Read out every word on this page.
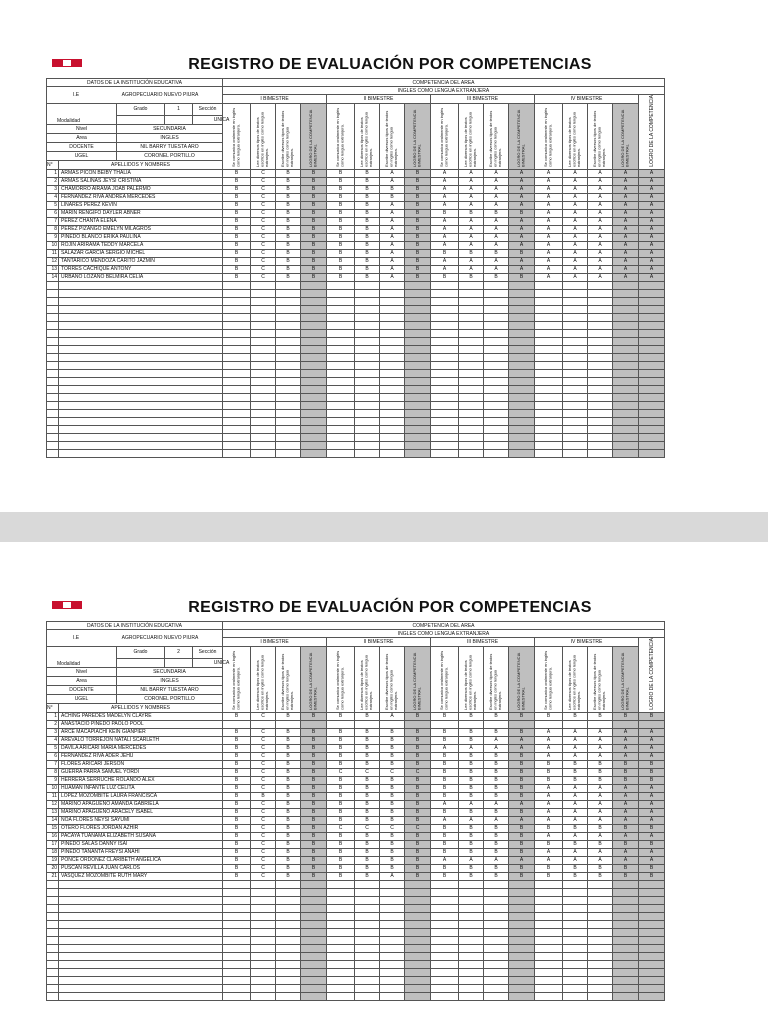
REGISTRO DE EVALUACIÓN POR COMPETENCIAS
DATOS DE LA INSTITUCIÓN EDUCATIVA					COMPETENCIA DEL AREA																
I.E AGROPECUARIO NUEVO PIURA					INGLES COMO LENGUA EXTRANJERA																
					I BIMESTRE				II BIMESTRE				III BIMESTRE				IV BIMESTRE				LOGRO DE LA COMPETENCIA

Modalidad		Grado	1	Sección	Se comunica oralmente en inglés como lengua extranjera.	Lee diversos tipos de textos escritos en inglés como lengua extranjera.	Escribe diversos tipos de textos en inglés como lengua extranjera.	LOGRO DE LA COMPETENCIA BIMESTRAL	Se comunica oralmente en inglés como lengua extranjera.	Lee diversos tipos de textos escritos en inglés como lengua extranjera.	Escribe diversos tipos de textos en inglés como lengua extranjera.	LOGRO DE LA COMPETENCIA BIMESTRAL	Se comunica oralmente en inglés como lengua extranjera.	Lee diversos tipos de textos escritos en inglés como lengua extranjera.	Escribe diversos tipos de textos en inglés como lengua extranjera.	LOGRO DE LA COMPETENCIA BIMESTRAL	Se comunica oralmente en inglés como lengua extranjera.	Lee diversos tipos de textos escritos en inglés como lengua extranjera.	Escribe diversos tipos de textos en inglés como lengua extranjera.	LOGRO DE LA COMPETENCIA BIMESTRAL	
				UNICA																	
Nivel		SECUNDARIA																			
Area		INGLES																			
DOCENTE		NIL BARRY TUESTA ARO																			
UGEL		CORONEL PORTILLO																			
N°	APELLIDOS Y NOMBRES																				
1	ARMAS PICON BEIBY THALIA				B	C	B	B	B	B	A	B	A	A	A	A	A	A	A	A	A
2	ARMAS SALINAS JEYSI CRISTINA				B	C	B	B	B	B	A	B	A	A	A	A	A	A	A	A	A
3	CHAMORRO AIRAMA JOAB PALERMO				B	C	B	B	B	B	B	B	A	A	A	A	A	A	A	A	A
4	FERNANDEZ RIVA ANDREA MERCEDES				B	C	B	B	B	B	B	B	A	A	A	A	A	A	A	A	A
5	LINARES PEREZ KEVIN				B	C	B	B	B	B	A	B	A	A	A	A	A	A	A	A	A
6	MARIN RENGIFO DAYLER ABNER				B	C	B	B	B	B	A	B	B	B	B	B	A	A	A	A	A
7	PEREZ CHANTA ELENA				B	C	B	B	B	B	A	B	A	A	A	A	A	A	A	A	A
8	PEREZ PIZANGO EMELYN MILAGROS				B	C	B	B	B	B	A	B	A	A	A	A	A	A	A	A	A
9	PINEDO BLANCO ERIKA PAULINA				B	C	B	B	B	B	A	B	A	A	A	A	A	A	A	A	A
10	ROJIN ARIRAMA TEDDY MARCELA				B	C	B	B	B	B	A	B	A	A	A	A	A	A	A	A	A
11	SALAZAR GARCIA SERGIO MICHEL				B	C	B	B	B	B	A	B	B	B	B	B	A	A	A	A	A
12	TANTARICO MENDOZA CARITO JAZMIN				B	C	B	B	B	B	A	B	A	A	A	A	A	A	A	A	A
13	TORRES CACHIQUE ANTONY				B	C	B	B	B	B	A	B	A	A	A	A	A	A	A	A	A
14	URBANO LOZANO BELMIRA CELIA				B	C	B	B	B	B	A	B	B	B	B	B	A	A	A	A	A

REGISTRO DE EVALUACIÓN POR COMPETENCIAS
DATOS DE LA INSTITUCIÓN EDUCATIVA					COMPETENCIA DEL AREA																
I.E AGROPECUARIO NUEVO PIURA					INGLES COMO LENGUA EXTRANJERA																
					I BIMESTRE				II BIMESTRE				III BIMESTRE				IV BIMESTRE				LOGRO DE LA COMPETENCIA

Modalidad		Grado	2	Sección	Se comunica oralmente en inglés como lengua extranjera.	Lee diversos tipos de textos escritos en inglés como lengua extranjera.	Escribe diversos tipos de textos en inglés como lengua extranjera.	LOGRO DE LA COMPETENCIA BIMESTRAL	Se comunica oralmente en inglés como lengua extranjera.	Lee diversos tipos de textos escritos en inglés como lengua extranjera.	Escribe diversos tipos de textos en inglés como lengua extranjera.	LOGRO DE LA COMPETENCIA BIMESTRAL	Se comunica oralmente en inglés como lengua extranjera.	Lee diversos tipos de textos escritos en inglés como lengua extranjera.	Escribe diversos tipos de textos en inglés como lengua extranjera.	LOGRO DE LA COMPETENCIA BIMESTRAL	Se comunica oralmente en inglés como lengua extranjera.	Lee diversos tipos de textos escritos en inglés como lengua extranjera.	Escribe diversos tipos de textos en inglés como lengua extranjera.	LOGRO DE LA COMPETENCIA BIMESTRAL	
				UNICA																	
Nivel		SECUNDARIA																			
Area		INGLES																			
DOCENTE		NIL BARRY TUESTA ARO																			
UGEL		CORONEL PORTILLO																			
N°	APELLIDOS Y NOMBRES																				
1	ACHING PAREDES MADELYN CLAYRE				B	C	B	B	B	B	A	B	B	B	B	B	B	B	B	B	B
2	ANASTACIO PINEDO PAOLO POOL																				
3	ARCE MACAPIACHI KEIN GIANPIER				B	C	B	B	B	B	B	B	B	B	B	B	A	A	A	A	A
4	AREVALO TORREJON NATALI SCARLETH				B	C	B	B	B	B	B	B	B	B	A	A	A	A	A	A	A
5	DAVILA ARICARI MARIA MERCEDES				B	C	B	B	B	B	B	B	A	A	A	A	A	A	A	A	A
6	FERNANDEZ RIVA ADER JEHU				B	C	B	B	B	B	B	B	B	B	B	B	A	A	A	A	A
7	FLORES ARICARI JERSON				B	C	B	B	B	B	B	B	B	B	B	B	B	B	B	B	B
8	GUERRA PARRA SAMUEL YORDI				B	C	B	B	C	C	C	C	B	B	B	B	B	B	B	B	B
9	HERRERA SERRUCHE ROLANDO ALEX				B	C	B	B	B	B	B	B	B	B	B	B	B	B	B	B	B
10	HUAMAN INFANTE LUZ CELITA				B	C	B	B	B	B	B	B	B	B	B	B	A	A	A	A	A
11	LOPEZ MOZOMBITE LAURA FRANCISCA				B	B	B	B	B	B	B	B	B	B	B	B	A	A	A	A	A
12	MARINO APAGUEÑO AMANDA GABRIELA				B	C	B	B	B	B	B	B	A	A	A	A	A	A	A	A	A
13	MARINO APAGUEÑO ARACELY ISABEL				B	C	B	B	B	B	B	B	B	B	B	B	A	A	A	A	A
14	NOA FLORES NEYSI SAYUMI				B	C	B	B	B	B	B	B	A	A	A	A	A	A	A	A	A
15	OTERO FLORES JORDAN AZHIR				B	C	B	B	C	C	C	C	B	B	B	B	B	B	B	B	B
16	PACAYA TUANAMA ELIZABETH SUSANA				B	C	B	B	B	B	B	B	B	B	B	B	A	A	A	A	A
17	PINEDO SALAS DANNY ISAI				B	C	B	B	B	B	B	B	B	B	B	B	B	B	B	B	B
18	PINEDO TANANTA FREYSI ANAHI				B	C	B	B	B	B	B	B	B	B	B	B	A	A	A	A	A
19	PONCE ORDOÑEZ CLARIBETH ANGELICA				B	C	B	B	B	B	B	B	A	A	A	A	A	A	A	A	A
20	PUSCAN REVILLA JUAN CARLOS				B	C	B	B	B	B	B	B	B	B	B	B	B	B	B	B	B
21	VASQUEZ MOZOMBITE RUTH MARY				B	C	B	B	B	B	A	B	B	B	B	B	B	B	B	B	B
